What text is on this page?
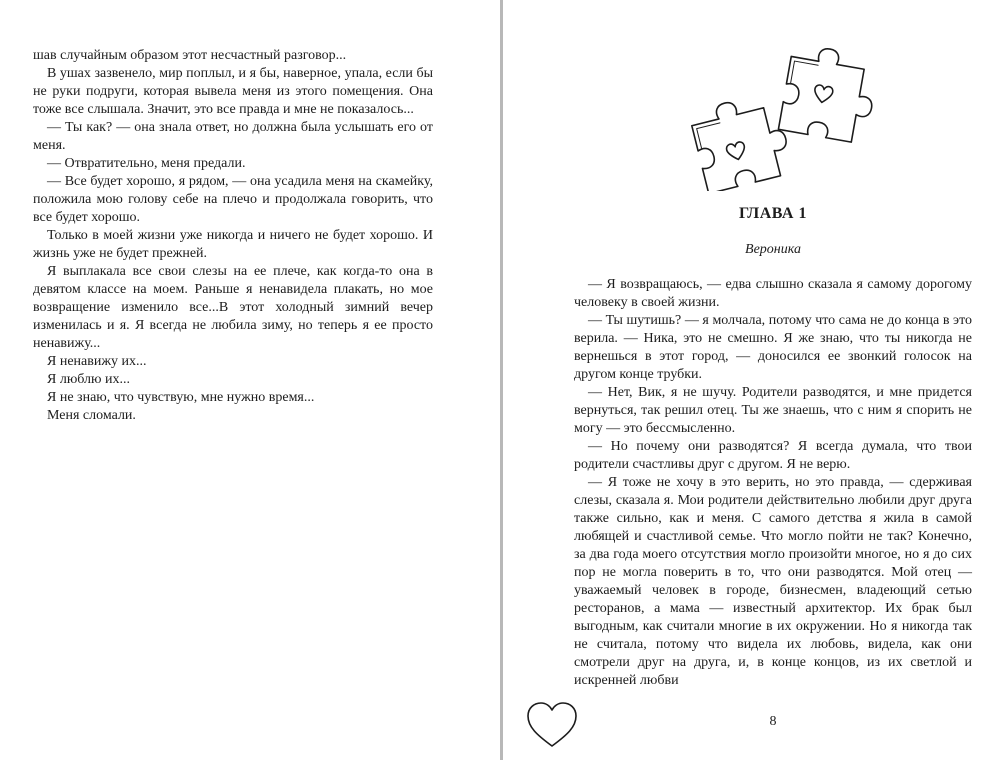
шав случайным образом этот несчастный разговор...

В ушах зазвенело, мир поплыл, и я бы, наверное, упала, если бы не руки подруги, которая вывела меня из этого помещения. Она тоже все слышала. Значит, это все правда и мне не показалось...

— Ты как? — она знала ответ, но должна была услышать его от меня.

— Отвратительно, меня предали.

— Все будет хорошо, я рядом, — она усадила меня на скамейку, положила мою голову себе на плечо и продолжала говорить, что все будет хорошо.

Только в моей жизни уже никогда и ничего не будет хорошо. И жизнь уже не будет прежней.

Я выплакала все свои слезы на ее плече, как когда-то она в девятом классе на моем. Раньше я ненавидела плакать, но мое возвращение изменило все...В этот холодный зимний вечер изменилась и я. Я всегда не любила зиму, но теперь я ее просто ненавижу...

Я ненавижу их...

Я люблю их...

Я не знаю, что чувствую, мне нужно время...

Меня сломали.

ГЛАВА 1
Вероника

— Я возвращаюсь, — едва слышно сказала я самому дорогому человеку в своей жизни.

— Ты шутишь? — я молчала, потому что сама не до конца в это верила. — Ника, это не смешно. Я же знаю, что ты никогда не вернешься в этот город, — доносился ее звонкий голосок на другом конце трубки.

— Нет, Вик, я не шучу. Родители разводятся, и мне придется вернуться, так решил отец. Ты же знаешь, что с ним я спорить не могу — это бессмысленно.

— Но почему они разводятся? Я всегда думала, что твои родители счастливы друг с другом. Я не верю.

— Я тоже не хочу в это верить, но это правда, — сдерживая слезы, сказала я. Мои родители действительно любили друг друга также сильно, как и меня. С самого детства я жила в самой любящей и счастливой семье. Что могло пойти не так? Конечно, за два года моего отсутствия могло произойти многое, но я до сих пор не могла поверить в то, что они разводятся. Мой отец — уважаемый человек в городе, бизнесмен, владеющий сетью ресторанов, а мама — известный архитектор. Их брак был выгодным, как считали многие в их окружении. Но я никогда так не считала, потому что видела их любовь, видела, как они смотрели друг на друга, и, в конце концов, из их светлой и искренней любви

8
